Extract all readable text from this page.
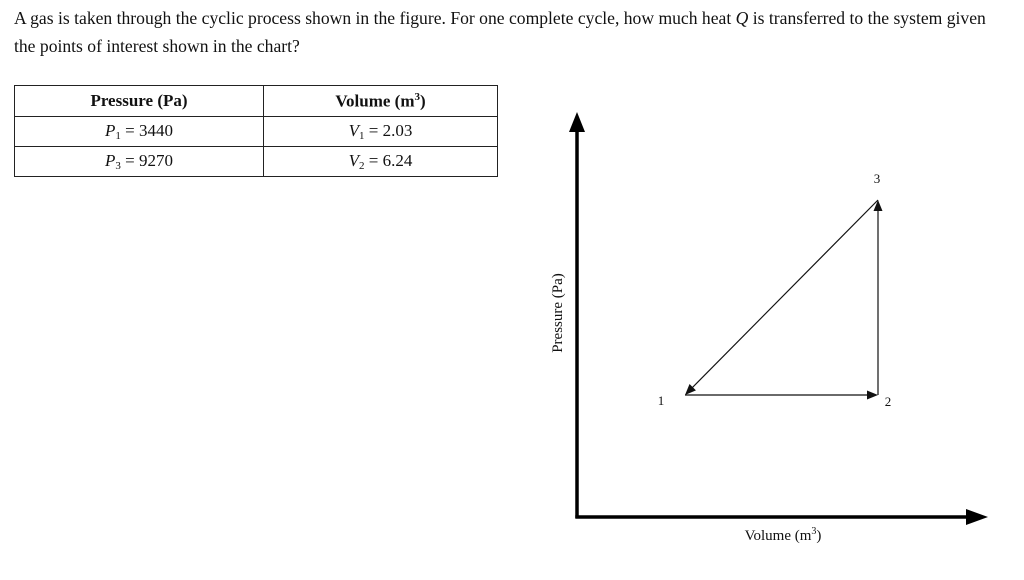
A gas is taken through the cyclic process shown in the figure. For one complete cycle, how much heat Q is transferred to the system given the points of interest shown in the chart?
Pressure (Pa)	Volume $(m^3)$
P1 = 3440	V1 = 2.03
P3 = 9270	V2 = 6.24
Pressure (Pa)
Volume $(m^3)$
1	2
3
